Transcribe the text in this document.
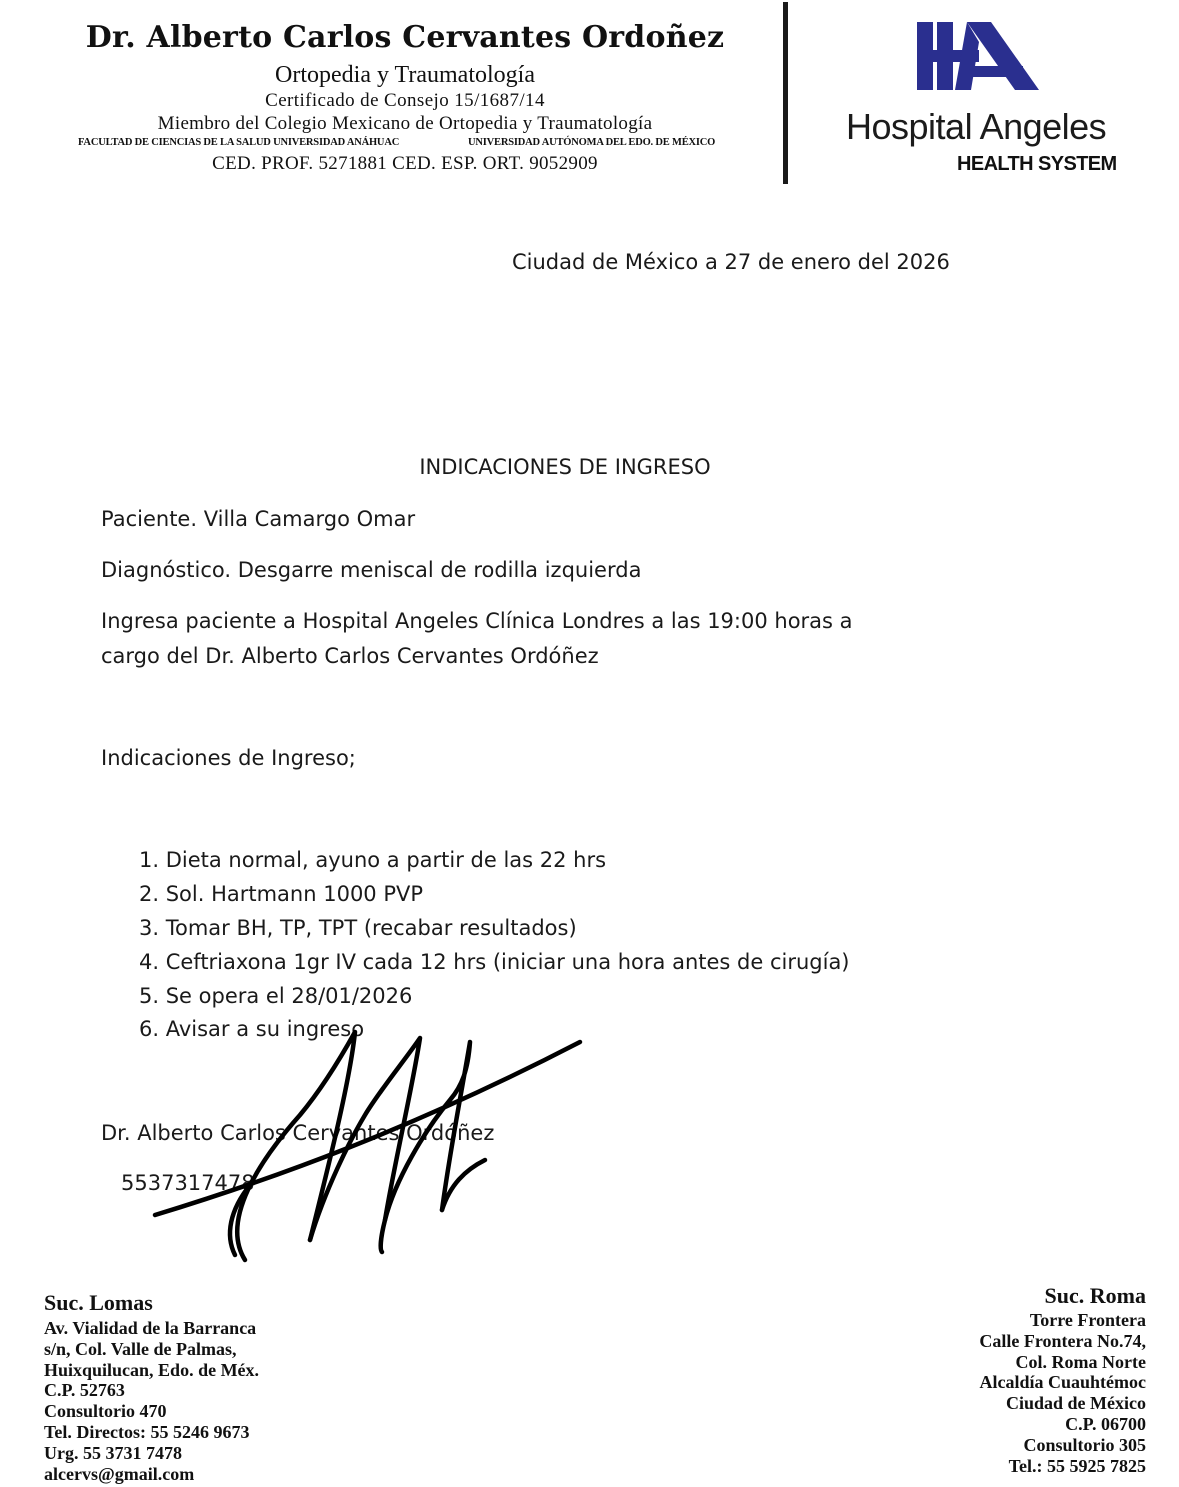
Dr. Alberto Carlos Cervantes Ordoñez
Ortopedia y Traumatología
Certificado de Consejo 15/1687/14
Miembro del Colegio Mexicano de Ortopedia y Traumatología
FACULTAD DE CIENCIAS DE LA SALUD UNIVERSIDAD ANÁHUAC	UNIVERSIDAD AUTÓNOMA DEL EDO. DE MÉXICO
CED. PROF. 5271881 CED. ESP. ORT. 9052909
Hospital Angeles
HEALTH SYSTEM
Ciudad de México a 27 de enero del 2026
INDICACIONES DE INGRESO
Paciente. Villa Camargo Omar
Diagnóstico. Desgarre meniscal de rodilla izquierda
Ingresa paciente a Hospital Angeles Clínica Londres a las 19:00 horas a
cargo del Dr. Alberto Carlos Cervantes Ordóñez
Indicaciones de Ingreso;
1. Dieta normal, ayuno a partir de las 22 hrs
2. Sol. Hartmann 1000 PVP
3. Tomar BH, TP, TPT (recabar resultados)
4. Ceftriaxona 1gr IV cada 12 hrs (iniciar una hora antes de cirugía)
5. Se opera el 28/01/2026
6. Avisar a su ingreso
Dr. Alberto Carlos Cervantes Ordóñez
5537317478
Suc. Lomas
Av. Vialidad de la Barranca
s/n, Col. Valle de Palmas,
Huixquilucan, Edo. de Méx.
C.P. 52763
Consultorio 470
Tel. Directos: 55 5246 9673
Urg. 55 3731 7478
alcervs@gmail.com
Suc. Roma
Torre Frontera
Calle Frontera No.74,
Col. Roma Norte
Alcaldía Cuauhtémoc
Ciudad de México
C.P. 06700
Consultorio 305
Tel.: 55 5925 7825
